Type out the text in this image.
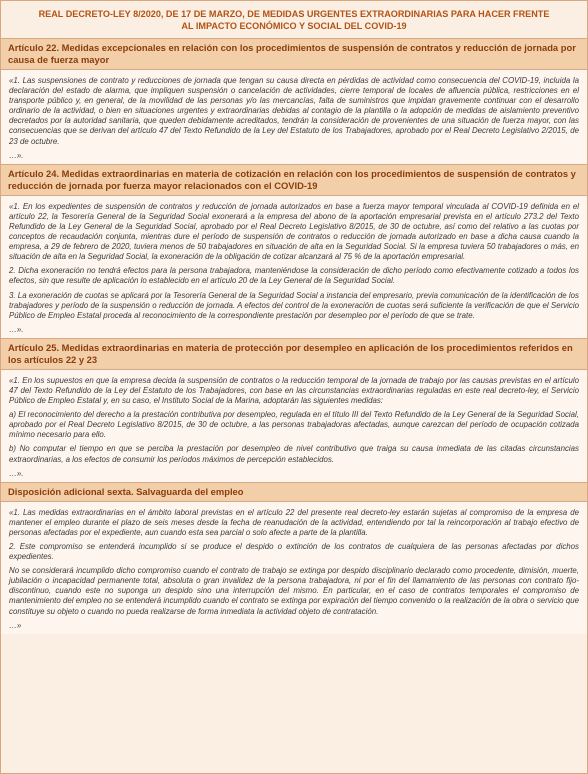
REAL DECRETO-LEY 8/2020, DE 17 DE MARZO, DE MEDIDAS URGENTES EXTRAORDINARIAS PARA HACER FRENTE
AL IMPACTO ECONÓMICO Y SOCIAL DEL COVID-19
Artículo 22. Medidas excepcionales en relación con los procedimientos de suspensión de contratos y reducción de jornada por causa de fuerza mayor

«1. Las suspensiones de contrato y reducciones de jornada que tengan su causa directa en pérdidas de actividad como consecuencia del COVID-19, incluida la declaración del estado de alarma, que impliquen suspensión o cancelación de actividades, cierre temporal de locales de afluencia pública, restricciones en el transporte público y, en general, de la movilidad de las personas y/o las mercancías, falta de suministros que impidan gravemente continuar con el desarrollo ordinario de la actividad, o bien en situaciones urgentes y extraordinarias debidas al contagio de la plantilla o la adopción de medidas de aislamiento preventivo decretados por la autoridad sanitaria, que queden debidamente acreditados, tendrán la consideración de provenientes de una situación de fuerza mayor, con las consecuencias que se derivan del artículo 47 del Texto Refundido de la Ley del Estatuto de los Trabajadores, aprobado por el Real Decreto Legislativo 2/2015, de 23 de octubre.

…».

Artículo 24. Medidas extraordinarias en materia de cotización en relación con los procedimientos de suspensión de contratos y reducción de jornada por fuerza mayor relacionados con el COVID-19

«1. En los expedientes de suspensión de contratos y reducción de jornada autorizados en base a fuerza mayor temporal vinculada al COVID-19 definida en el artículo 22, la Tesorería General de la Seguridad Social exonerará a la empresa del abono de la aportación empresarial prevista en el artículo 273.2 del Texto Refundido de la Ley General de la Seguridad Social, aprobado por el Real Decreto Legislativo 8/2015, de 30 de octubre, así como del relativo a las cuotas por conceptos de recaudación conjunta, mientras dure el período de suspensión de contratos o reducción de jornada autorizado en base a dicha causa cuando la empresa, a 29 de febrero de 2020, tuviera menos de 50 trabajadores en situación de alta en la Seguridad Social. Si la empresa tuviera 50 trabajadores o más, en situación de alta en la Seguridad Social, la exoneración de la obligación de cotizar alcanzará al 75 % de la aportación empresarial.

2. Dicha exoneración no tendrá efectos para la persona trabajadora, manteniéndose la consideración de dicho período como efectivamente cotizado a todos los efectos, sin que resulte de aplicación lo establecido en el artículo 20 de la Ley General de la Seguridad Social.

3. La exoneración de cuotas se aplicará por la Tesorería General de la Seguridad Social a instancia del empresario, previa comunicación de la identificación de los trabajadores y período de la suspensión o reducción de jornada. A efectos del control de la exoneración de cuotas será suficiente la verificación de que el Servicio Público de Empleo Estatal proceda al reconocimiento de la correspondiente prestación por desempleo por el período de que se trate.

…».

Artículo 25. Medidas extraordinarias en materia de protección por desempleo en aplicación de los procedimientos referidos en los artículos 22 y 23

«1. En los supuestos en que la empresa decida la suspensión de contratos o la reducción temporal de la jornada de trabajo por las causas previstas en el artículo 47 del Texto Refundido de la Ley del Estatuto de los Trabajadores, con base en las circunstancias extraordinarias reguladas en este real decreto-ley, el Servicio Público de Empleo Estatal y, en su caso, el Instituto Social de la Marina, adoptarán las siguientes medidas:

a) El reconocimiento del derecho a la prestación contributiva por desempleo, regulada en el título III del Texto Refundido de la Ley General de la Seguridad Social, aprobado por el Real Decreto Legislativo 8/2015, de 30 de octubre, a las personas trabajadoras afectadas, aunque carezcan del período de ocupación cotizada mínimo necesario para ello.

b) No computar el tiempo en que se perciba la prestación por desempleo de nivel contributivo que traiga su causa inmediata de las citadas circunstancias extraordinarias, a los efectos de consumir los períodos máximos de percepción establecidos.

…».

Disposición adicional sexta. Salvaguarda del empleo

«1. Las medidas extraordinarias en el ámbito laboral previstas en el artículo 22 del presente real decreto-ley estarán sujetas al compromiso de la empresa de mantener el empleo durante el plazo de seis meses desde la fecha de reanudación de la actividad, entendiendo por tal la reincorporación al trabajo efectivo de personas afectadas por el expediente, aun cuando esta sea parcial o solo afecte a parte de la plantilla.

2. Este compromiso se entenderá incumplido si se produce el despido o extinción de los contratos de cualquiera de las personas afectadas por dichos expedientes.

No se considerará incumplido dicho compromiso cuando el contrato de trabajo se extinga por despido disciplinario declarado como procedente, dimisión, muerte, jubilación o incapacidad permanente total, absoluta o gran invalidez de la persona trabajadora, ni por el fin del llamamiento de las personas con contrato fijo-discontinuo, cuando este no suponga un despido sino una interrupción del mismo. En particular, en el caso de contratos temporales el compromiso de mantenimiento del empleo no se entenderá incumplido cuando el contrato se extinga por expiración del tiempo convenido o la realización de la obra o servicio que constituye su objeto o cuando no pueda realizarse de forma inmediata la actividad objeto de contratación.

…»
